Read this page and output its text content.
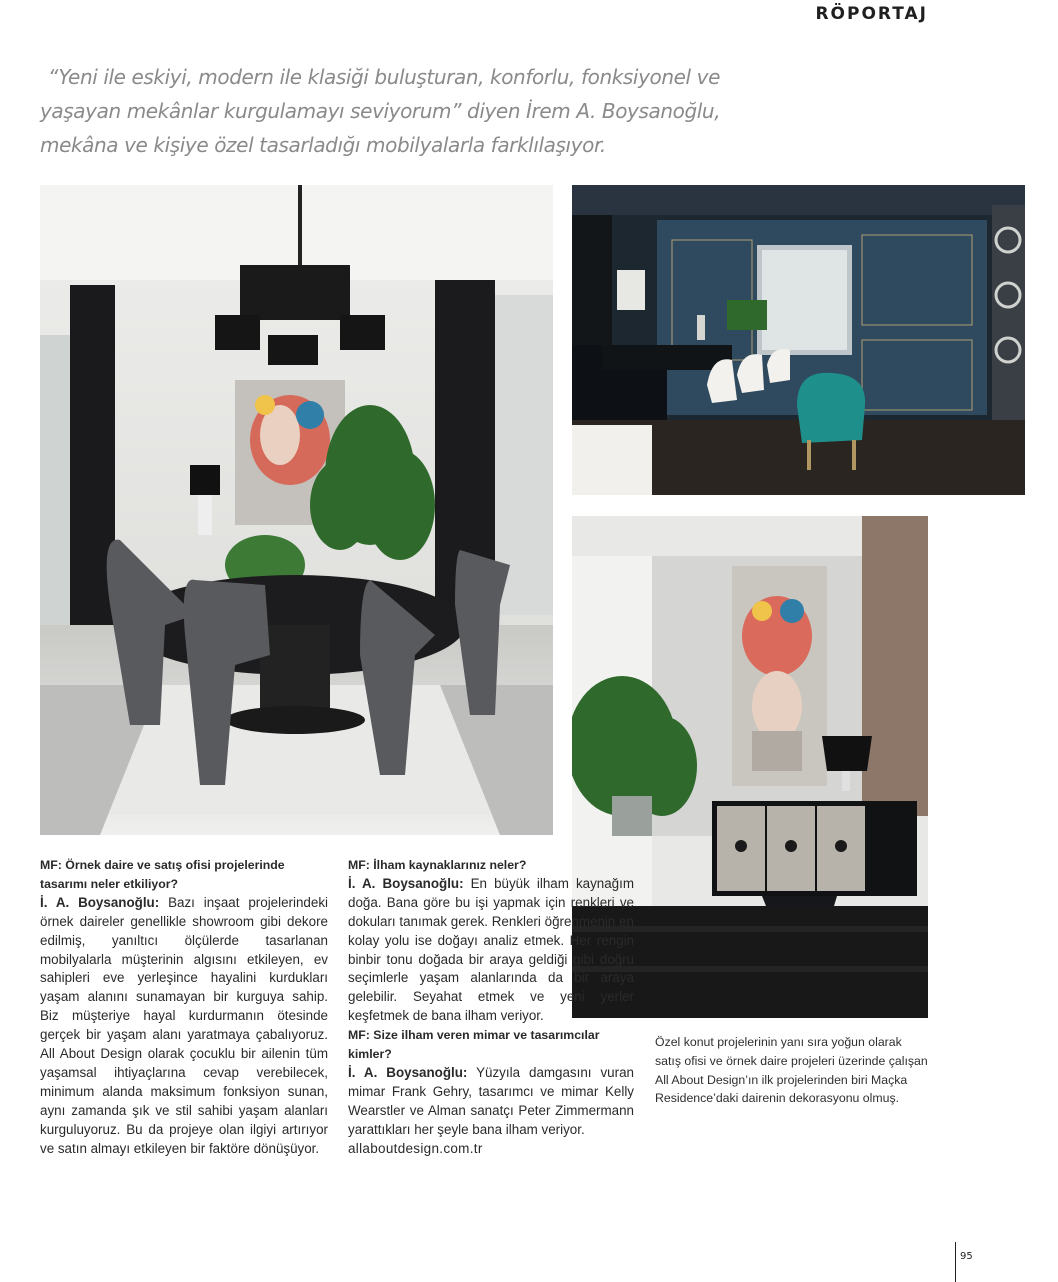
RÖPORTAJ
“Yeni ile eskiyi, modern ile klasiği buluşturan, konforlu, fonksiyonel ve
yaşayan mekânlar kurgulamayı seviyorum” diyen İrem A. Boysanoğlu,
mekâna ve kişiye özel tasarladığı mobilyalarla farklılaşıyor.

MF: Örnek daire ve satış ofisi projelerinde tasarımı neler etkiliyor?

İ. A. Boysanoğlu: Bazı inşaat projelerindeki örnek daireler genellikle showroom gibi dekore edilmiş, yanıltıcı ölçülerde tasarlanan mobilyalarla müşterinin algısını etkileyen, ev sahipleri eve yerleşince hayalini kurdukları yaşam alanını sunamayan bir kurguya sahip. Biz müşteriye hayal kurdurmanın ötesinde gerçek bir yaşam alanı yaratmaya çabalıyoruz. All About Design olarak çocuklu bir ailenin tüm yaşamsal ihtiyaçlarına cevap verebilecek, minimum alanda maksimum fonksiyon sunan, aynı zamanda şık ve stil sahibi yaşam alanları kurguluyoruz. Bu da projeye olan ilgiyi artırıyor ve satın almayı etkileyen bir faktöre dönüşüyor.

MF: İlham kaynaklarınız neler?

İ. A. Boysanoğlu: En büyük ilham kaynağım doğa. Bana göre bu işi yapmak için renkleri ve dokuları tanımak gerek. Renkleri öğrenmenin en kolay yolu ise doğayı analiz etmek. Her rengin binbir tonu doğada bir araya geldiği gibi doğru seçimlerle yaşam alanlarında da bir araya gelebilir. Seyahat etmek ve yeni yerler keşfetmek de bana ilham veriyor.

MF: Size ilham veren mimar ve tasarımcılar kimler?

İ. A. Boysanoğlu: Yüzyıla damgasını vuran mimar Frank Gehry, tasarımcı ve mimar Kelly Wearstler ve Alman sanatçı Peter Zimmermann yarattıkları her şeyle bana ilham veriyor.

allaboutdesign.com.tr

Özel konut projelerinin yanı sıra yoğun olarak satış ofisi ve örnek daire projeleri üzerinde çalışan All About Design’ın ilk projelerinden biri Maçka Residence’daki dairenin dekorasyonu olmuş.
95
